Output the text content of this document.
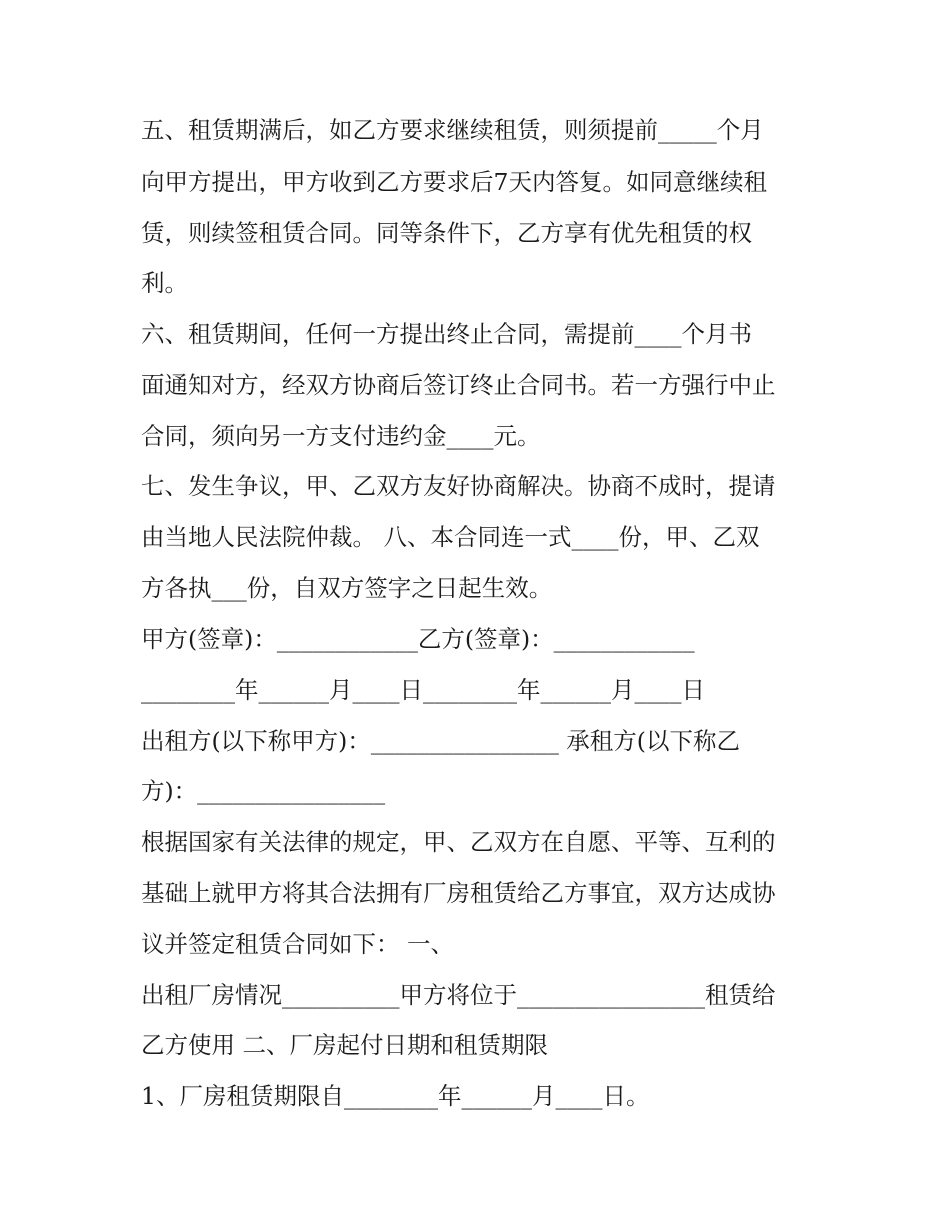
五、租赁期满后，如乙方要求继续租赁，则须提前_____个月
向甲方提出，甲方收到乙方要求后7天内答复。如同意继续租
赁，则续签租赁合同。同等条件下，乙方享有优先租赁的权
利。
六、租赁期间，任何一方提出终止合同，需提前____个月书
面通知对方，经双方协商后签订终止合同书。若一方强行中止
合同，须向另一方支付违约金____元。
七、发生争议，甲、乙双方友好协商解决。协商不成时，提请
由当地人民法院仲裁。 八、本合同连一式____份，甲、乙双
方各执___份，自双方签字之日起生效。
甲方(签章)：____________乙方(签章)：____________
________年______月____日________年______月____日
出租方(以下称甲方)：________________ 承租方(以下称乙
方)：________________
根据国家有关法律的规定，甲、乙双方在自愿、平等、互利的
基础上就甲方将其合法拥有厂房租赁给乙方事宜，双方达成协
议并签定租赁合同如下： 一、
出租厂房情况__________甲方将位于________________租赁给
乙方使用 二、厂房起付日期和租赁期限
1、厂房租赁期限自________年______月____日。
